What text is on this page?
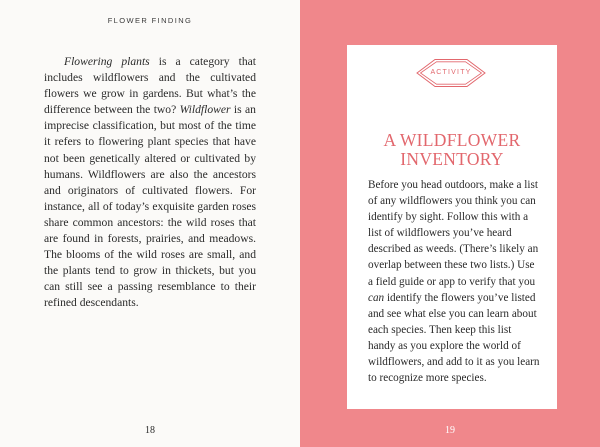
FLOWER FINDING

Flowering plants is a category that includes wildflowers and the cultivated flowers we grow in gardens. But what’s the difference between the two? Wildflower is an imprecise classification, but most of the time it refers to flowering plant species that have not been genetically altered or cultivated by humans. Wildflowers are also the ancestors and originators of cultivated flowers. For instance, all of today’s exquisite garden roses share common ancestors: the wild roses that are found in forests, prairies, and meadows. The blooms of the wild roses are small, and the plants tend to grow in thickets, but you can still see a passing resemblance to their refined descendants.

18
ACTIVITY
A WILDFLOWER
INVENTORY

Before you head outdoors, make a list of any wildflowers you think you can identify by sight. Follow this with a list of wildflowers you’ve heard described as weeds. (There’s likely an overlap between these two lists.) Use a field guide or app to verify that you can identify the flowers you’ve listed and see what else you can learn about each species. Then keep this list handy as you explore the world of wildflowers, and add to it as you learn to recognize more species.

19
